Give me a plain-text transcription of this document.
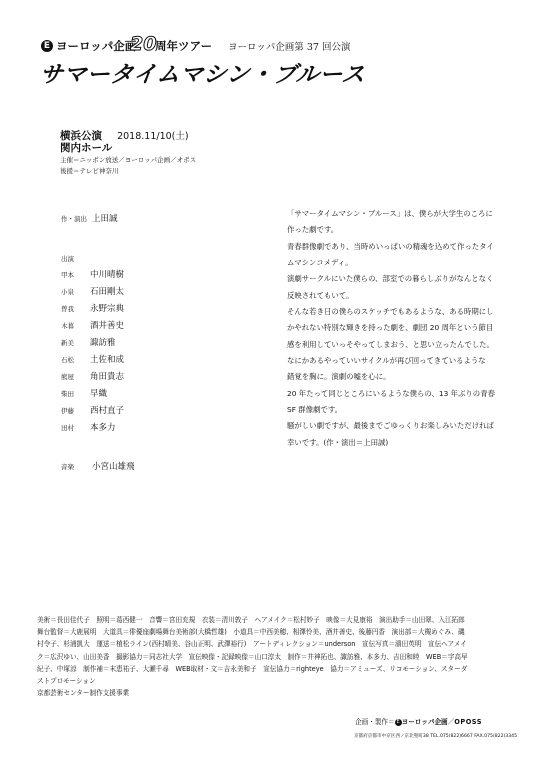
E ヨーロッパ企画
20
周年ツアー ヨーロッパ企画第 37 回公演
サマータイムマシン・ブルース
横浜公演 2018.11/10(土)
関内ホール
主催＝ニッポン放送／ヨーロッパ企画／オポス
後援＝テレビ神奈川
作・演出 上田誠
出演
甲本 中川晴樹
小泉 石田剛太
曽我 永野宗典
木暮 酒井善史
新美 諏訪雅
石松 土佐和成
熊屋 角田貴志
柴田 早織
伊藤 西村直子
田村 本多力
音楽 小宮山雄飛

「サマータイムマシン・ブルース」は、僕らが大学生のころに

作った劇です。

青春群像劇であり、当時めいっぱいの精魂を込めて作ったタイ

ムマシンコメディ。

演劇サークルにいた僕らの、部室での暮らしぶりがなんとなく

反映されてもいて。

そんな若き日の僕らのスケッチでもあるような、ある時期にし

かやれない特別な輝きを持った劇を、劇団 20 周年という節目

感を利用していっそやってしまおう、と思い立ったんでした。

なにかあるやっていいサイクルが再び回ってきているような

錯覚を胸に。演劇の嘘を心に。

20 年たって同じところにいるような僕らの、13 年ぶりの青春

SF 群像劇です。

騒がしい劇ですが、最後までごゆっくりお楽しみいただければ

幸いです。(作・演出＝上田誠)

美術＝長田佳代子　照明＝葛西健一　音響＝宮田充規　衣装＝清川敦子　ヘアメイク＝松村妙子　映像＝大見康裕　演出助手＝山田翠、入江拓郎

舞台監督＝大鹿展明　大道具＝俳優座劇場舞台美術部(大橋哲雄)　小道具＝中西美穂、相澤怜美、酒井善史、後藤円香　演出部＝大槻めぐみ、磯

村令子、杉浦凱大　運送＝植松ライン(西村晴美、谷山正明、武澤裕行)　アートディレクション＝underson　宣伝写真＝濱田英明　宣伝ヘアメイ

ク＝広沢ゆい、山田美香　撮影協力＝同志社大学　宣伝映像・記録映像＝山口淳太　制作＝井神拓也、諏訪雅、本多力、吉田和睦　WEB＝宇高早

紀子、中塚涼　制作補＝末恵祐子、大瀬千尋　WEB取材・文＝吉永美和子　宣伝協力＝righteye　協力＝アミューズ、リコモーション、スターダ

ストプロモーション

京都芸術センター制作支援事業

企画・製作＝ E ヨーロッパ企画／OPOSS
京都府京都市中京区西ノ京北聖町38 TEL.075(822)6667 FAX.075(822)3345
